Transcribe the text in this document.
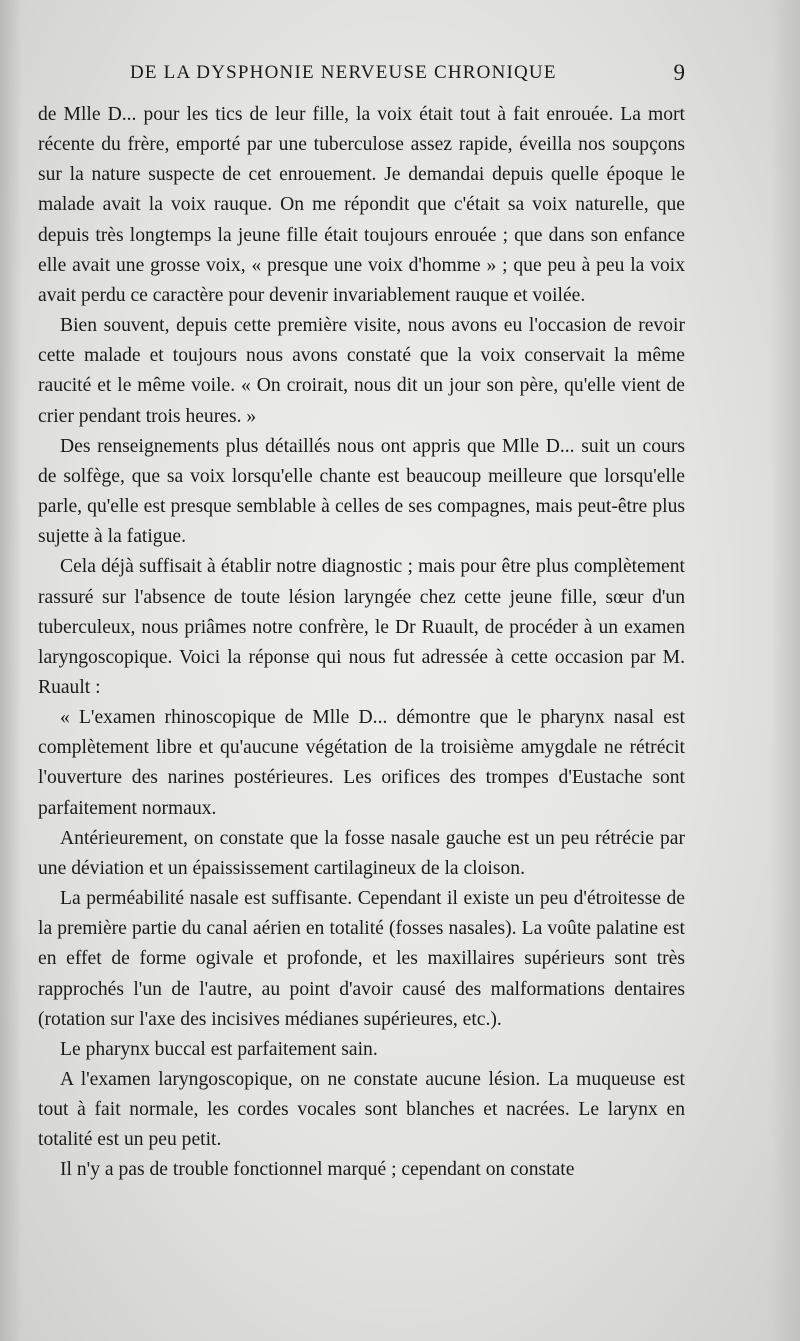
DE LA DYSPHONIE NERVEUSE CHRONIQUE	9

de Mlle D... pour les tics de leur fille, la voix était tout à fait enrouée. La mort récente du frère, emporté par une tuberculose assez rapide, éveilla nos soupçons sur la nature suspecte de cet enrouement. Je demandai depuis quelle époque le malade avait la voix rauque. On me répondit que c'était sa voix naturelle, que depuis très longtemps la jeune fille était toujours enrouée ; que dans son enfance elle avait une grosse voix, « presque une voix d'homme » ; que peu à peu la voix avait perdu ce caractère pour devenir invariablement rauque et voilée.

Bien souvent, depuis cette première visite, nous avons eu l'occasion de revoir cette malade et toujours nous avons constaté que la voix conservait la même raucité et le même voile. « On croirait, nous dit un jour son père, qu'elle vient de crier pendant trois heures. »

Des renseignements plus détaillés nous ont appris que Mlle D... suit un cours de solfège, que sa voix lorsqu'elle chante est beaucoup meilleure que lorsqu'elle parle, qu'elle est presque semblable à celles de ses compagnes, mais peut-être plus sujette à la fatigue.

Cela déjà suffisait à établir notre diagnostic ; mais pour être plus complètement rassuré sur l'absence de toute lésion laryngée chez cette jeune fille, sœur d'un tuberculeux, nous priâmes notre confrère, le Dr Ruault, de procéder à un examen laryngoscopique. Voici la réponse qui nous fut adressée à cette occasion par M. Ruault :

« L'examen rhinoscopique de Mlle D... démontre que le pharynx nasal est complètement libre et qu'aucune végétation de la troisième amygdale ne rétrécit l'ouverture des narines postérieures. Les orifices des trompes d'Eustache sont parfaitement normaux.

Antérieurement, on constate que la fosse nasale gauche est un peu rétrécie par une déviation et un épaississement cartilagineux de la cloison.

La perméabilité nasale est suffisante. Cependant il existe un peu d'étroitesse de la première partie du canal aérien en totalité (fosses nasales). La voûte palatine est en effet de forme ogivale et profonde, et les maxillaires supérieurs sont très rapprochés l'un de l'autre, au point d'avoir causé des malformations dentaires (rotation sur l'axe des incisives médianes supérieures, etc.).

Le pharynx buccal est parfaitement sain.

A l'examen laryngoscopique, on ne constate aucune lésion. La muqueuse est tout à fait normale, les cordes vocales sont blanches et nacrées. Le larynx en totalité est un peu petit.

Il n'y a pas de trouble fonctionnel marqué ; cependant on constate
